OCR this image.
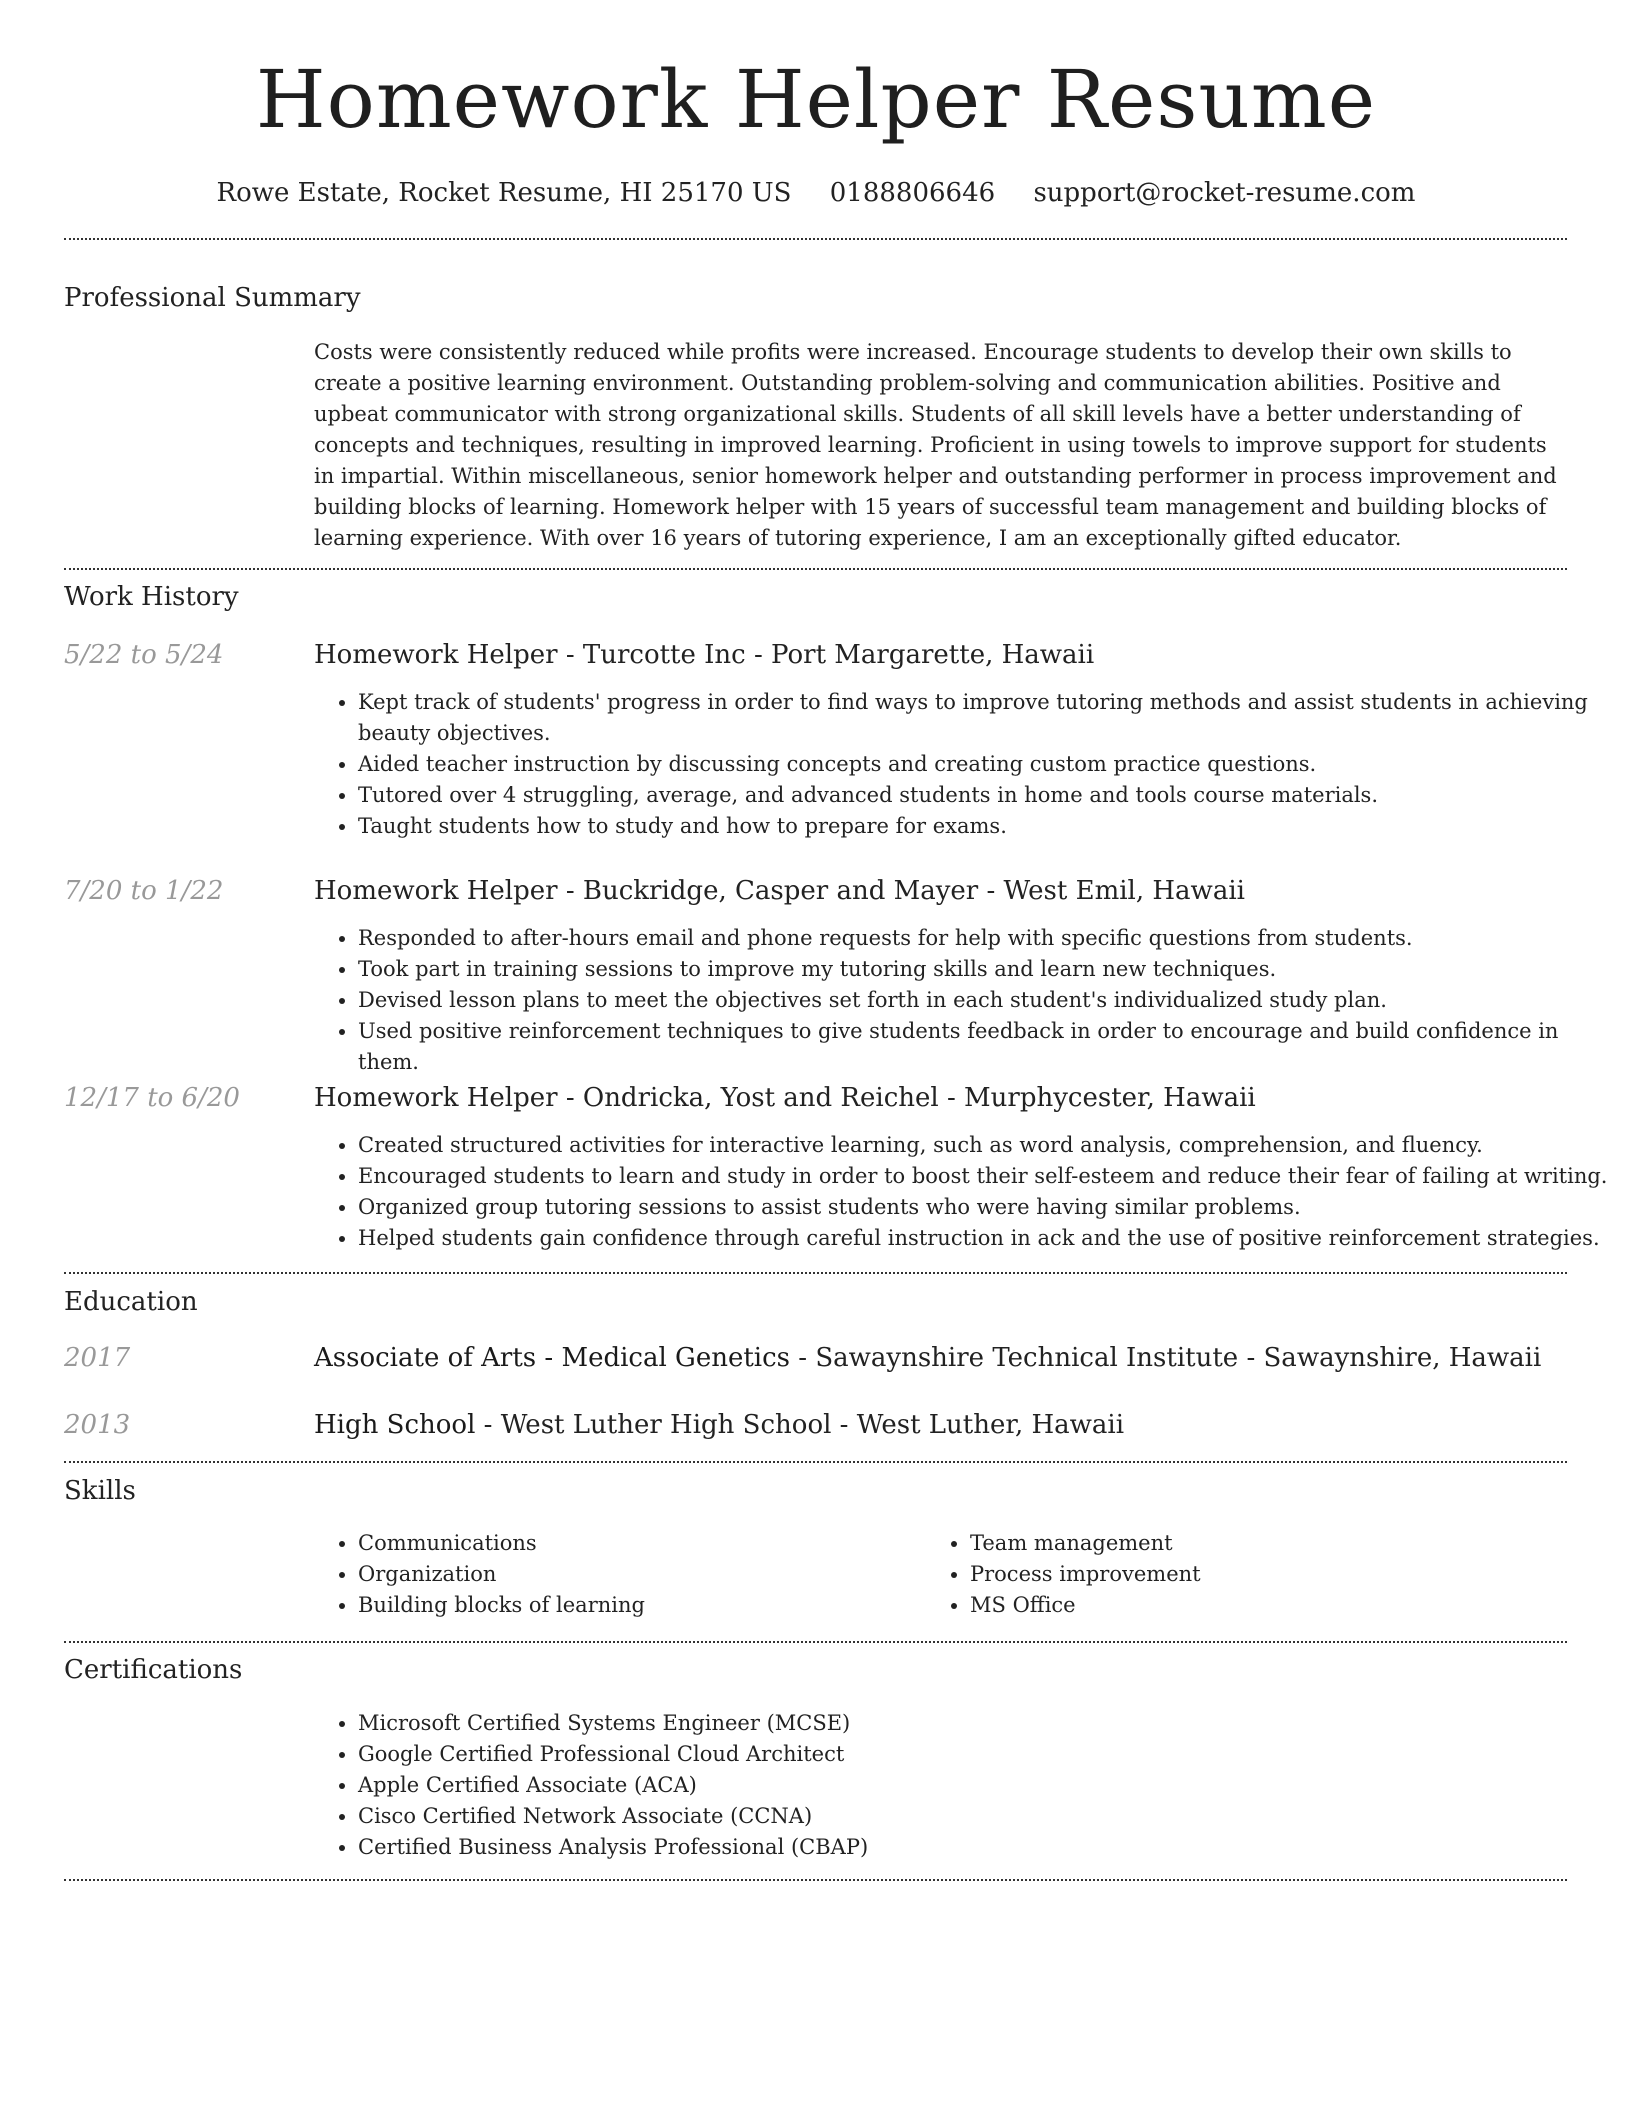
Homework Helper Resume
Rowe Estate, Rocket Resume, HI 25170 US 0188806646 support@rocket-resume.com
Professional Summary
Costs were consistently reduced while profits were increased. Encourage students to develop their own skills to create a positive learning environment. Outstanding problem-solving and communication abilities. Positive and upbeat communicator with strong organizational skills. Students of all skill levels have a better understanding of concepts and techniques, resulting in improved learning. Proficient in using towels to improve support for students in impartial. Within miscellaneous, senior homework helper and outstanding performer in process improvement and building blocks of learning. Homework helper with 15 years of successful team management and building blocks of learning experience. With over 16 years of tutoring experience, I am an exceptionally gifted educator.
Work History
5/22 to 5/24	Homework Helper - Turcotte Inc - Port Margarette, Hawaii
• Kept track of students' progress in order to find ways to improve tutoring methods and assist students in achieving beauty objectives.
• Aided teacher instruction by discussing concepts and creating custom practice questions.
• Tutored over 4 struggling, average, and advanced students in home and tools course materials.
• Taught students how to study and how to prepare for exams.
7/20 to 1/22	Homework Helper - Buckridge, Casper and Mayer - West Emil, Hawaii
• Responded to after-hours email and phone requests for help with specific questions from students.
• Took part in training sessions to improve my tutoring skills and learn new techniques.
• Devised lesson plans to meet the objectives set forth in each student's individualized study plan.
• Used positive reinforcement techniques to give students feedback in order to encourage and build confidence in them.
12/17 to 6/20	Homework Helper - Ondricka, Yost and Reichel - Murphycester, Hawaii
• Created structured activities for interactive learning, such as word analysis, comprehension, and fluency.
• Encouraged students to learn and study in order to boost their self-esteem and reduce their fear of failing at writing.
• Organized group tutoring sessions to assist students who were having similar problems.
• Helped students gain confidence through careful instruction in ack and the use of positive reinforcement strategies.
Education
2017	Associate of Arts - Medical Genetics - Sawaynshire Technical Institute - Sawaynshire, Hawaii
2013	High School - West Luther High School - West Luther, Hawaii
Skills
• Communications
• Organization
• Building blocks of learning
• Team management
• Process improvement
• MS Office
Certifications
• Microsoft Certified Systems Engineer (MCSE)
• Google Certified Professional Cloud Architect
• Apple Certified Associate (ACA)
• Cisco Certified Network Associate (CCNA)
• Certified Business Analysis Professional (CBAP)
